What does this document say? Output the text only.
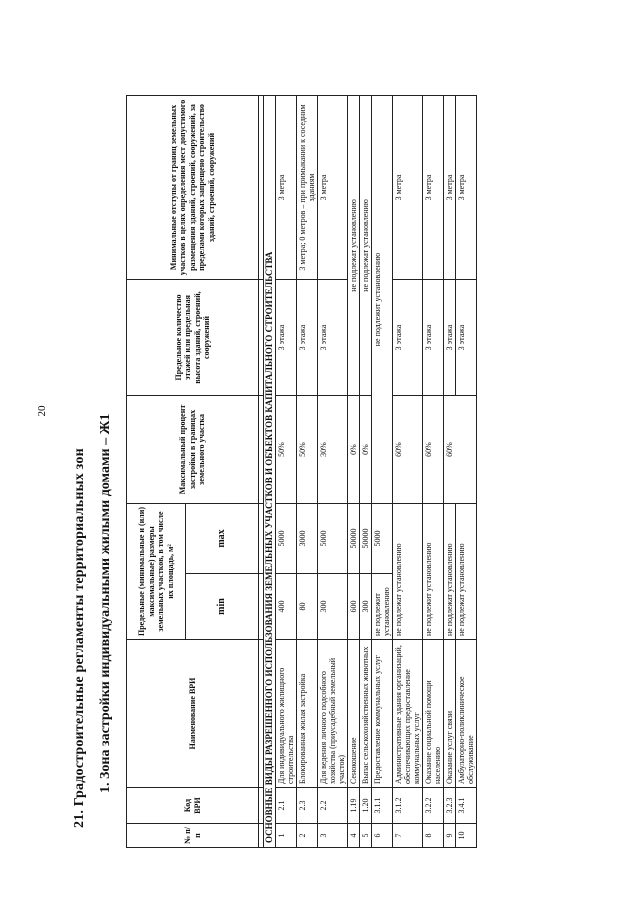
20
21. Градостроительные регламенты территориальных зон 1. Зона застройки индивидуальными жилыми домами – Ж1
№ п/п	Код ВРИ	Наименование ВРИ	Предельные (минимальные и (или) максимальные) размеры земельных участков, в том числе их площадь, м²		Максимальный процент застройки в границах земельного участка	Предельное количество этажей или предельная высота зданий, строений, сооружений	Минимальные отступы от границ земельных участков в целях определения мест допустимого размещения зданий, строений, сооружений, за пределами которых запрещено строительство зданий, строений, сооружений
			min	max			

ОСНОВНЫЕ ВИДЫ РАЗРЕШЕННОГО ИСПОЛЬЗОВАНИЯ ЗЕМЕЛЬНЫХ УЧАСТКОВ И ОБЪЕКТОВ КАПИТАЛЬНОГО СТРОИТЕЛЬСТВА							
1	2.1	Для индивидуального жилищного строительства	400	5000	50%	3 этажа	3 метра
2	2.3	Блокированная жилая застройка	80	3000	50%	3 этажа	3 метра; 0 метров – при примыкании к соседним зданиям
3	2.2	Для ведения личного подсобного хозяйства (приусадебный земельный участок)	300	5000	30%	3 этажа	3 метра
4	1.19	Сенокошение	600	50000	0%	не подлежат установлению	
5	1.20	Выпас сельскохозяйственных животных	300	50000	0%	не подлежат установлению	
6	3.1.1	Предоставление коммунальных услуг	не подлежит установлению	5000	не подлежит установлению		
7	3.1.2	Административные здания организаций, обеспечивающих предоставление коммунальных услуг	не подлежат установлению		60%	3 этажа	3 метра
8	3.2.2	Оказание социальной помощи населению	не подлежит установлению		60%	3 этажа	3 метра
9	3.2.3	Оказание услуг связи	не подлежат установлению		60%	3 этажа	3 метра
10	3.4.1	Амбулаторно-поликлиническое обслуживание	не подлежат установлению			3 этажа	3 метра
